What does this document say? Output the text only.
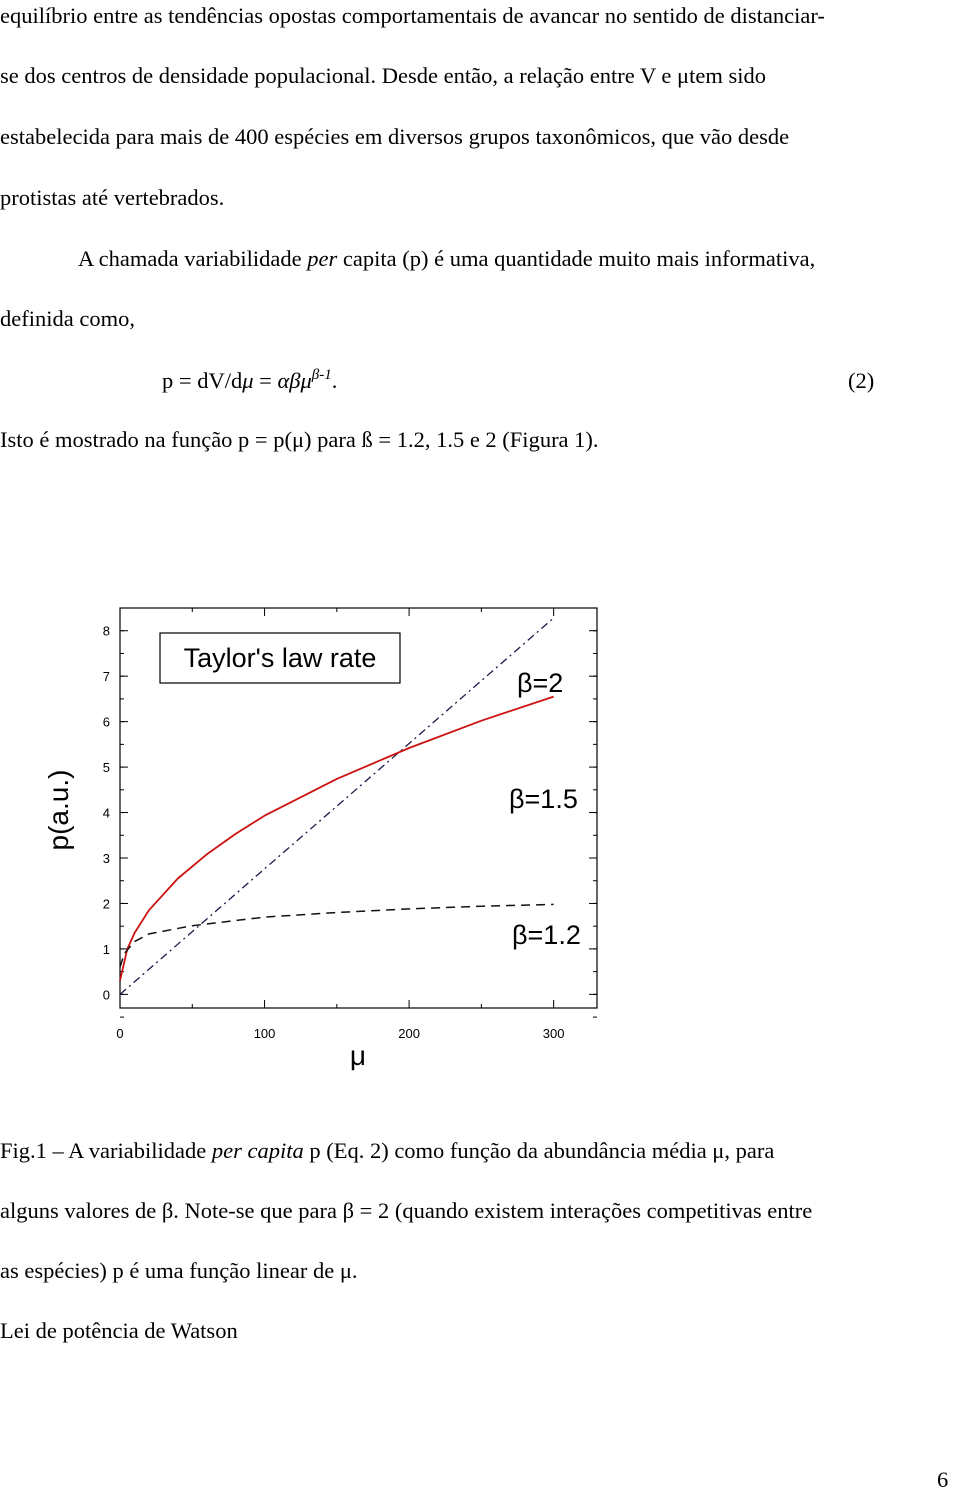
equilíbrio entre as tendências opostas comportamentais de avancar no sentido de distanciar-
se dos centros de densidade populacional. Desde então, a relação entre V e μtem sido
estabelecida para mais de 400 espécies em diversos grupos taxonômicos, que vão desde
protistas até vertebrados.
A chamada variabilidade per capita (p) é uma quantidade muito mais informativa,
definida como,
p = dV/dμ = αβμ$^{\beta-1}$.	(2)
Isto é mostrado na função p = p(μ) para ß = 1.2, 1.5 e 2 (Figura 1).
0
1
2
3
4
5
6
7
8
0	100	200	300
Taylor's law rate
β=2
β=1.5
β=1.2
μ
p(a.u.)
Fig.1 – A variabilidade per capita p (Eq. 2) como função da abundância média μ, para
alguns valores de β. Note-se que para β = 2 (quando existem interações competitivas entre
as espécies) p é uma função linear de μ.
Lei de potência de Watson
6
